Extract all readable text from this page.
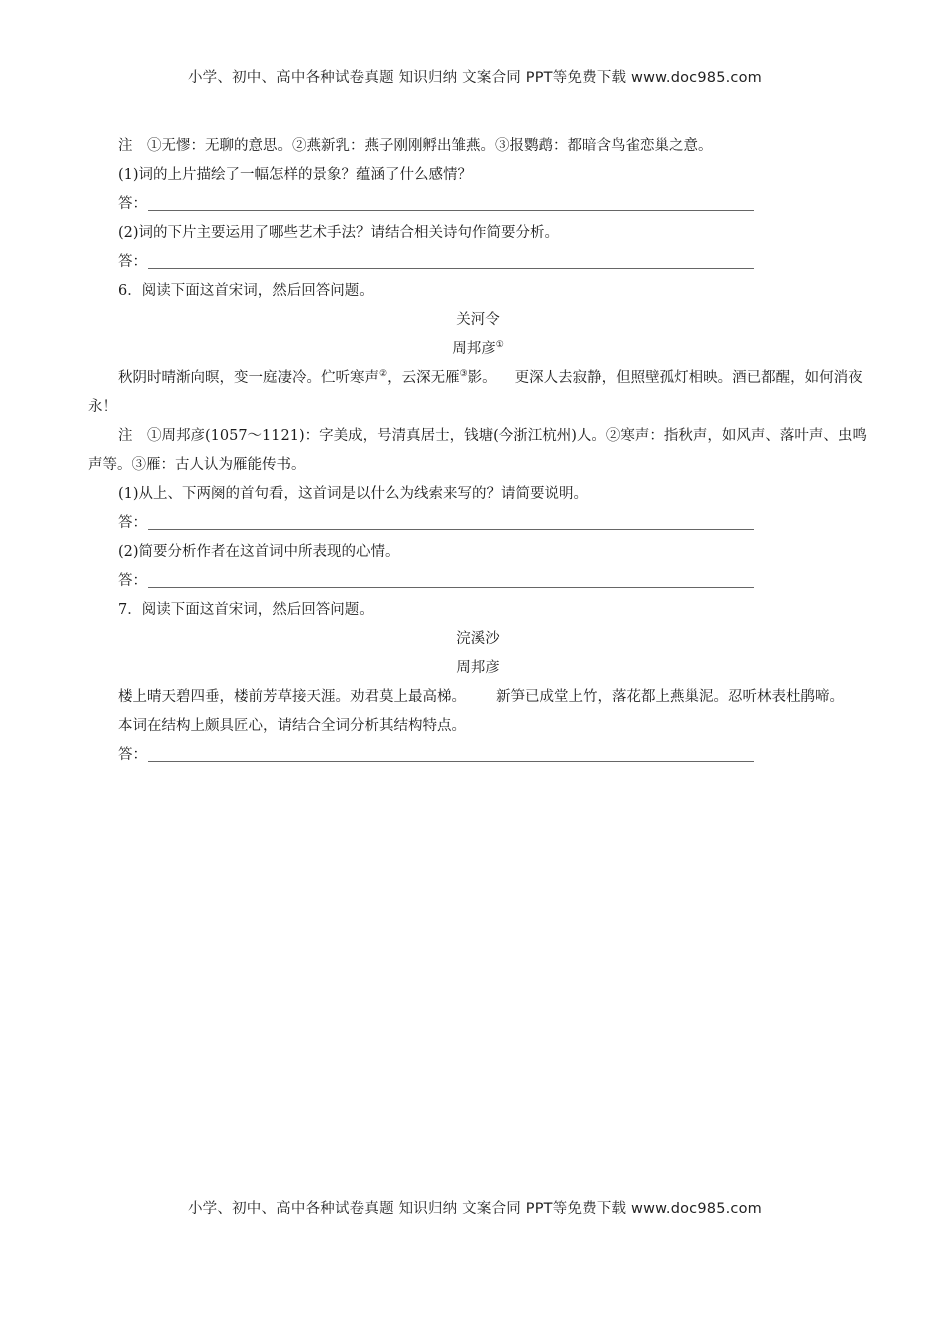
小学、初中、高中各种试卷真题 知识归纳 文案合同 PPT等免费下载 www.doc985.com

注　①无憀：无聊的意思。②燕新乳：燕子刚刚孵出雏燕。③报鹦鹉：都暗含鸟雀恋巢之意。

(1)词的上片描绘了一幅怎样的景象？蕴涵了什么感情？

答：

(2)词的下片主要运用了哪些艺术手法？请结合相关诗句作简要分析。

答：

6．阅读下面这首宋词，然后回答问题。

关河令

周邦彦①

秋阴时晴渐向暝，变一庭凄冷。伫听寒声②，云深无雁③影。 更深人去寂静，但照壁孤灯相映。酒已都醒，如何消夜永！

注　①周邦彦(1057～1121)：字美成，号清真居士，钱塘(今浙江杭州)人。②寒声：指秋声，如风声、落叶声、虫鸣声等。③雁：古人认为雁能传书。

(1)从上、下两阕的首句看，这首词是以什么为线索来写的？请简要说明。

答：

(2)简要分析作者在这首词中所表现的心情。

答：

7．阅读下面这首宋词，然后回答问题。

浣溪沙

周邦彦

楼上晴天碧四垂，楼前芳草接天涯。劝君莫上最高梯。 新笋已成堂上竹，落花都上燕巢泥。忍听林表杜鹃啼。

本词在结构上颇具匠心，请结合全词分析其结构特点。

答：
小学、初中、高中各种试卷真题 知识归纳 文案合同 PPT等免费下载 www.doc985.com
